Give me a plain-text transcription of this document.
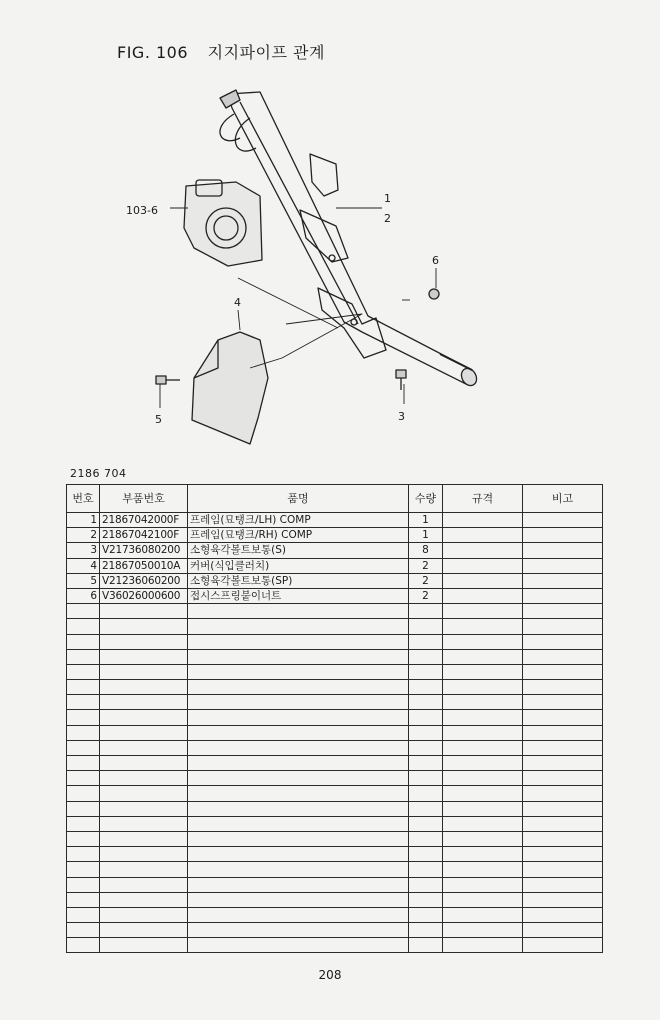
FIG. 106 지지파이프 관계
103-6
1
2
4
6
5	3
2186 704
번호	부품번호	품명	수량	규격	비고
1	21867042000F	프레임(묘탱크/LH) COMP	1		
2	21867042100F	프레임(묘탱크/RH) COMP	1		
3	V21736080200	소형육각볼트보통(S)	8		
4	21867050010A	커버(식입클러치)	2		
5	V21236060200	소형육각볼트보통(SP)	2		
6	V36026000600	접시스프링붙이너트	2		

208
